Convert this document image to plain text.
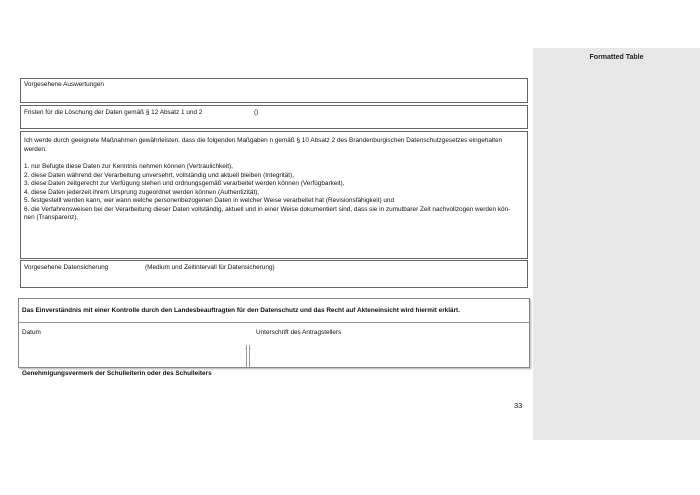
Vorgesehene Auswertungen
Fristen für die Löschung der Daten gemäß § 12 Absatz 1 und 2	()
Ich werde durch geeignete Maßnahmen gewährleisten, dass die folgenden Maßgaben n gemäß § 10 Absatz 2 des Brandenburgischen Datenschutzgesetzes eingehalten
werden:
1. nur Befugte diese Daten zur Kenntnis nehmen können (Vertraulichkeit),
2. diese Daten während der Verarbeitung unversehrt, vollständig und aktuell bleiben (Integrität),
3. diese Daten zeitgerecht zur Verfügung stehen und ordnungsgemäß verarbeitet werden können (Verfügbarkeit),
4. diese Daten jederzeit ihrem Ursprung zugeordnet werden können (Authentizität),
5. festgestellt werden kann, wer wann welche personenbezogenen Daten in welcher Weise verarbeitet hat (Revisionsfähigkeit) und
6. die Verfahrensweisen bei der Verarbeitung dieser Daten vollständig, aktuell und in einer Weise dokumentiert sind, dass sie in zumutbarer Zeit nachvollzogen werden kön-
nen (Transparenz).
Vorgesehene Datensicherung	(Medium und Zeitintervall für Datensicherung)
Das Einverständnis mit einer Kontrolle durch den Landesbeauftragten für den Datenschutz und das Recht auf Akteneinsicht wird hiermit erklärt.
Datum	Unterschrift des Antragstellers
Genehmigungsvermerk der Schulleiterin oder des Schulleiters
33
Formatted Table
